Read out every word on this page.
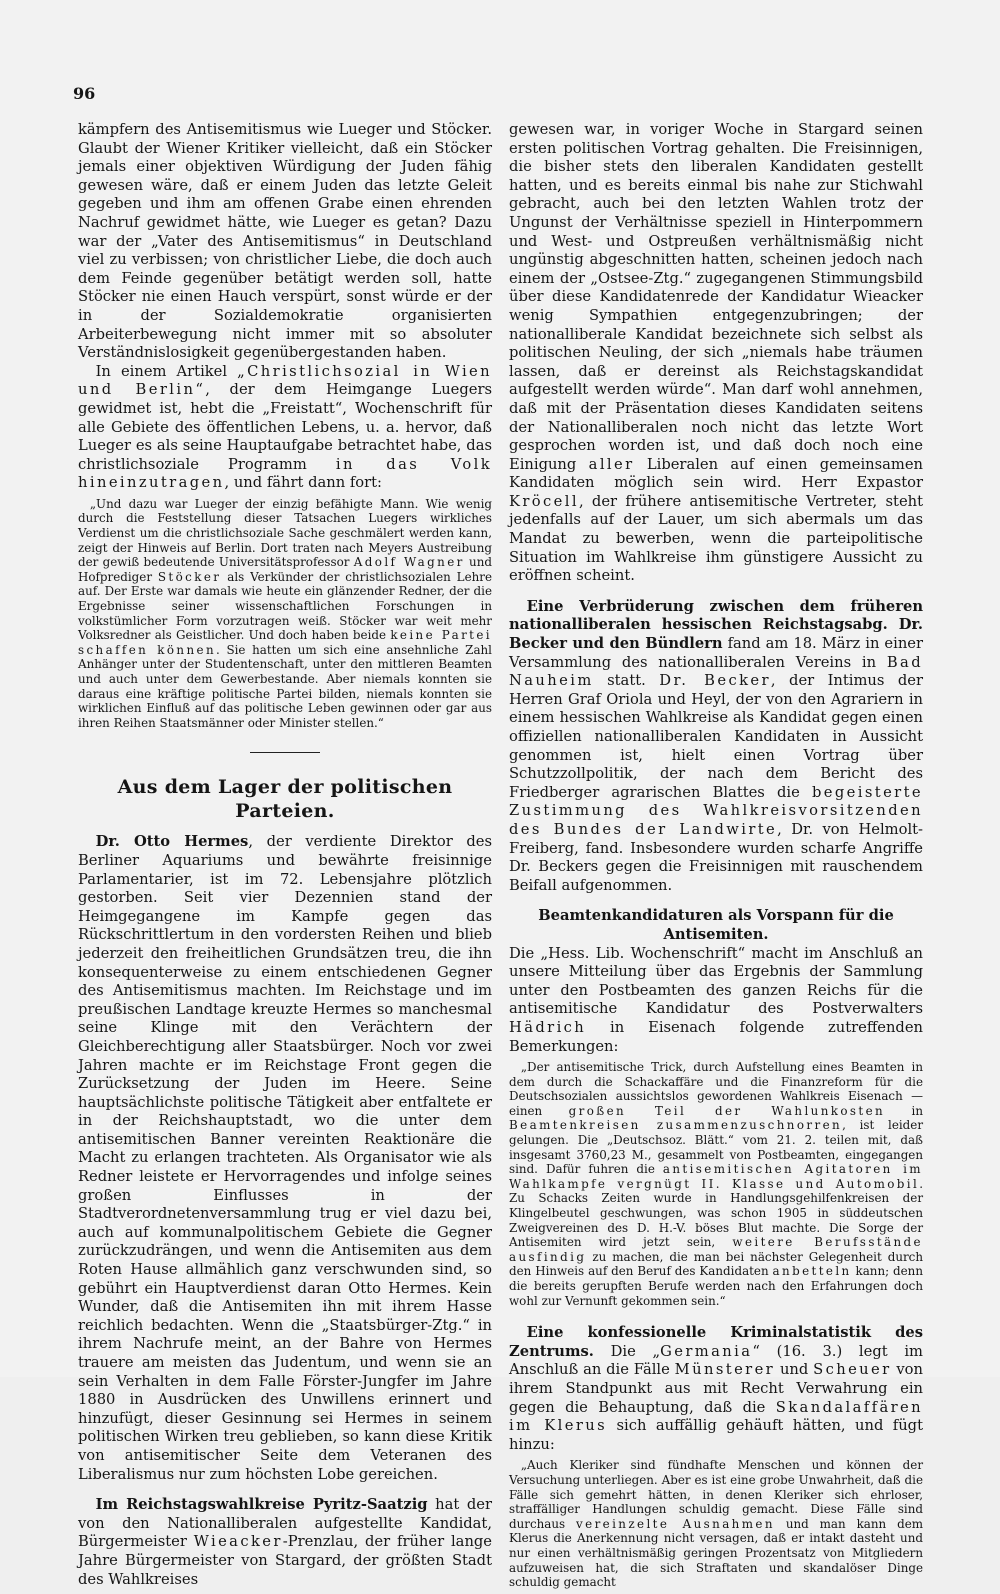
96

kämpfern des Antisemitismus wie Lueger und Stöcker. Glaubt der Wiener Kritiker vielleicht, daß ein Stöcker jemals einer objektiven Würdigung der Juden fähig gewesen wäre, daß er einem Juden das letzte Geleit gegeben und ihm am offenen Grabe einen ehrenden Nachruf gewidmet hätte, wie Lueger es getan? Dazu war der „Vater des Antisemitismus“ in Deutschland viel zu verbissen; von christlicher Liebe, die doch auch dem Feinde gegenüber betätigt werden soll, hatte Stöcker nie einen Hauch verspürt, sonst würde er der in der Sozialdemokratie organisierten Arbeiterbewegung nicht immer mit so absoluter Verständnislosigkeit gegenübergestanden haben.

In einem Artikel „Christlichsozial in Wien und Berlin“, der dem Heimgange Luegers gewidmet ist, hebt die „Freistatt“, Wochenschrift für alle Gebiete des öffentlichen Lebens, u. a. hervor, daß Lueger es als seine Hauptaufgabe betrachtet habe, das christlichsoziale Programm in das Volk hineinzutragen, und fährt dann fort:

„Und dazu war Lueger der einzig befähigte Mann. Wie wenig durch die Feststellung dieser Tatsachen Luegers wirkliches Verdienst um die christlichsoziale Sache geschmälert werden kann, zeigt der Hinweis auf Berlin. Dort traten nach Meyers Austreibung der gewiß bedeutende Universitätsprofessor Adolf Wagner und Hofprediger Stöcker als Verkünder der christlichsozialen Lehre auf. Der Erste war damals wie heute ein glänzender Redner, der die Ergebnisse seiner wissenschaftlichen Forschungen in volkstümlicher Form vorzutragen weiß. Stöcker war weit mehr Volksredner als Geistlicher. Und doch haben beide keine Partei schaffen können. Sie hatten um sich eine ansehnliche Zahl Anhänger unter der Studentenschaft, unter den mittleren Beamten und auch unter dem Gewerbestande. Aber niemals konnten sie daraus eine kräftige politische Partei bilden, niemals konnten sie wirklichen Einfluß auf das politische Leben gewinnen oder gar aus ihren Reihen Staatsmänner oder Minister stellen.“

Aus dem Lager der politischen Parteien.

Dr. Otto Hermes, der verdiente Direktor des Berliner Aquariums und bewährte freisinnige Parlamentarier, ist im 72. Lebensjahre plötzlich gestorben. Seit vier Dezennien stand der Heimgegangene im Kampfe gegen das Rückschrittlertum in den vordersten Reihen und blieb jederzeit den freiheitlichen Grundsätzen treu, die ihn konsequenterweise zu einem entschiedenen Gegner des Antisemitismus machten. Im Reichstage und im preußischen Landtage kreuzte Hermes so manchesmal seine Klinge mit den Verächtern der Gleichberechtigung aller Staatsbürger. Noch vor zwei Jahren machte er im Reichstage Front gegen die Zurücksetzung der Juden im Heere. Seine hauptsächlichste politische Tätigkeit aber entfaltete er in der Reichshauptstadt, wo die unter dem antisemitischen Banner vereinten Reaktionäre die Macht zu erlangen trachteten. Als Organisator wie als Redner leistete er Hervorragendes und infolge seines großen Einflusses in der Stadtverordnetenversammlung trug er viel dazu bei, auch auf kommunalpolitischem Gebiete die Gegner zurückzudrängen, und wenn die Antisemiten aus dem Roten Hause allmählich ganz verschwunden sind, so gebührt ein Hauptverdienst daran Otto Hermes. Kein Wunder, daß die Antisemiten ihn mit ihrem Hasse reichlich bedachten. Wenn die „Staatsbürger-Ztg.“ in ihrem Nachrufe meint, an der Bahre von Hermes trauere am meisten das Judentum, und wenn sie an sein Verhalten in dem Falle Förster-Jungfer im Jahre 1880 in Ausdrücken des Unwillens erinnert und hinzufügt, dieser Gesinnung sei Hermes in seinem politischen Wirken treu geblieben, so kann diese Kritik von antisemitischer Seite dem Veteranen des Liberalismus nur zum höchsten Lobe gereichen.

Im Reichstagswahlkreise Pyritz-Saatzig hat der von den Nationalliberalen aufgestellte Kandidat, Bürgermeister Wieacker-Prenzlau, der früher lange Jahre Bürgermeister von Stargard, der größten Stadt des Wahlkreises

gewesen war, in voriger Woche in Stargard seinen ersten politischen Vortrag gehalten. Die Freisinnigen, die bisher stets den liberalen Kandidaten gestellt hatten, und es bereits einmal bis nahe zur Stichwahl gebracht, auch bei den letzten Wahlen trotz der Ungunst der Verhältnisse speziell in Hinterpommern und West- und Ostpreußen verhältnismäßig nicht ungünstig abgeschnitten hatten, scheinen jedoch nach einem der „Ostsee-Ztg.“ zugegangenen Stimmungsbild über diese Kandidatenrede der Kandidatur Wieacker wenig Sympathien entgegenzubringen; der nationalliberale Kandidat bezeichnete sich selbst als politischen Neuling, der sich „niemals habe träumen lassen, daß er dereinst als Reichstagskandidat aufgestellt werden würde“. Man darf wohl annehmen, daß mit der Präsentation dieses Kandidaten seitens der Nationalliberalen noch nicht das letzte Wort gesprochen worden ist, und daß doch noch eine Einigung aller Liberalen auf einen gemeinsamen Kandidaten möglich sein wird. Herr Expastor Kröcell, der frühere antisemitische Vertreter, steht jedenfalls auf der Lauer, um sich abermals um das Mandat zu bewerben, wenn die parteipolitische Situation im Wahlkreise ihm günstigere Aussicht zu eröffnen scheint.

Eine Verbrüderung zwischen dem früheren nationalliberalen hessischen Reichstagsabg. Dr. Becker und den Bündlern fand am 18. März in einer Versammlung des nationalliberalen Vereins in Bad Nauheim statt. Dr. Becker, der Intimus der Herren Graf Oriola und Heyl, der von den Agrariern in einem hessischen Wahlkreise als Kandidat gegen einen offiziellen nationalliberalen Kandidaten in Aussicht genommen ist, hielt einen Vortrag über Schutzzollpolitik, der nach dem Bericht des Friedberger agrarischen Blattes die begeisterte Zustimmung des Wahlkreisvorsitzenden des Bundes der Landwirte, Dr. von Helmolt-Freiberg, fand. Insbesondere wurden scharfe Angriffe Dr. Beckers gegen die Freisinnigen mit rauschendem Beifall aufgenommen.

Beamtenkandidaturen als Vorspann für die Antisemiten.

Die „Hess. Lib. Wochenschrift“ macht im Anschluß an unsere Mitteilung über das Ergebnis der Sammlung unter den Postbeamten des ganzen Reichs für die antisemitische Kandidatur des Postverwalters Hädrich in Eisenach folgende zutreffenden Bemerkungen:

„Der antisemitische Trick, durch Aufstellung eines Beamten in dem durch die Schackaffäre und die Finanzreform für die Deutschsozialen aussichtslos gewordenen Wahlkreis Eisenach — einen großen Teil der Wahlunkosten in Beamtenkreisen zusammenzuschnorren, ist leider gelungen. Die „Deutschsoz. Blätt.“ vom 21. 2. teilen mit, daß insgesamt 3760,23 M., gesammelt von Postbeamten, eingegangen sind. Dafür fuhren die antisemitischen Agitatoren im Wahlkampfe vergnügt II. Klasse und Automobil. Zu Schacks Zeiten wurde in Handlungsgehilfenkreisen der Klingelbeutel geschwungen, was schon 1905 in süddeutschen Zweigvereinen des D. H.-V. böses Blut machte. Die Sorge der Antisemiten wird jetzt sein, weitere Berufsstände ausfindig zu machen, die man bei nächster Gelegenheit durch den Hinweis auf den Beruf des Kandidaten anbetteln kann; denn die bereits gerupften Berufe werden nach den Erfahrungen doch wohl zur Vernunft gekommen sein.“

Eine konfessionelle Kriminalstatistik des Zentrums. Die „Germania“ (16. 3.) legt im Anschluß an die Fälle Münsterer und Scheuer von ihrem Standpunkt aus mit Recht Verwahrung ein gegen die Behauptung, daß die Skandalaffären im Klerus sich auffällig gehäuft hätten, und fügt hinzu:

„Auch Kleriker sind fündhafte Menschen und können der Versuchung unterliegen. Aber es ist eine grobe Unwahrheit, daß die Fälle sich gemehrt hätten, in denen Kleriker sich ehrloser, straffälliger Handlungen schuldig gemacht. Diese Fälle sind durchaus vereinzelte Ausnahmen und man kann dem Klerus die Anerkennung nicht versagen, daß er intakt dasteht und nur einen verhältnismäßig geringen Prozentsatz von Mitgliedern aufzuweisen hat, die sich Straftaten und skandalöser Dinge schuldig gemacht
